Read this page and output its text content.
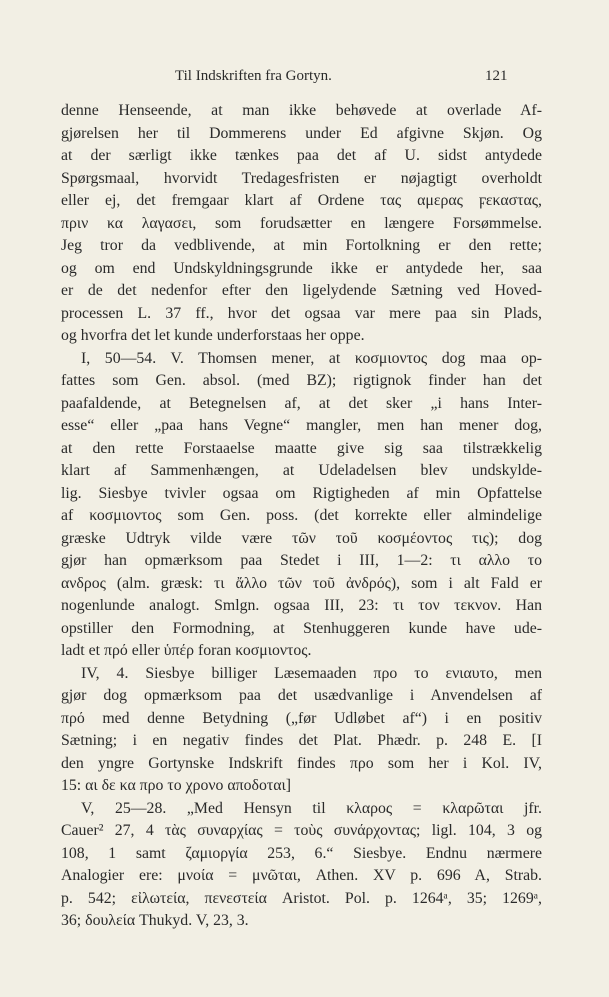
Til Indskriften fra Gortyn.	121
denne Henseende, at man ikke behøvede at overlade Af-
gjørelsen her til Dommerens under Ed afgivne Skjøn. Og
at der særligt ikke tænkes paa det af U. sidst antydede
Spørgsmaal, hvorvidt Tredagesfristen er nøjagtigt overholdt
eller ej, det fremgaar klart af Ordene τας αμερας ϝεκαστας,
πριν κα λαγασει, som forudsætter en længere Forsømmelse.
Jeg tror da vedblivende, at min Fortolkning er den rette;
og om end Undskyldningsgrunde ikke er antydede her, saa
er de det nedenfor efter den ligelydende Sætning ved Hoved-
processen L. 37 ff., hvor det ogsaa var mere paa sin Plads,
og hvorfra det let kunde underforstaas her oppe.
I, 50—54. V. Thomsen mener, at κοσμιοντος dog maa op-
fattes som Gen. absol. (med BZ); rigtignok finder han det
paafaldende, at Betegnelsen af, at det sker „i hans Inter-
esse“ eller „paa hans Vegne“ mangler, men han mener dog,
at den rette Forstaaelse maatte give sig saa tilstrækkelig
klart af Sammenhængen, at Udeladelsen blev undskylde-
lig. Siesbye tvivler ogsaa om Rigtigheden af min Opfattelse
af κοσμιοντος som Gen. poss. (det korrekte eller almindelige
græske Udtryk vilde være τῶν τοῦ κοσμέοντος τις); dog
gjør han opmærksom paa Stedet i III, 1—2: τι αλλο το
ανδρος (alm. græsk: τι ἄλλο τῶν τοῦ ἀνδρός), som i alt Fald er
nogenlunde analogt. Smlgn. ogsaa III, 23: τι τον τεκνον. Han
opstiller den Formodning, at Stenhuggeren kunde have ude-
ladt et πρό eller ὑπέρ foran κοσμιοντος.
IV, 4. Siesbye billiger Læsemaaden προ το ενιαυτο, men
gjør dog opmærksom paa det usædvanlige i Anvendelsen af
πρό med denne Betydning („før Udløbet af“) i en positiv
Sætning; i en negativ findes det Plat. Phædr. p. 248 E. [I
den yngre Gortynske Indskrift findes προ som her i Kol. IV,
15: αι δε κα προ το χρονο αποδοται]
V, 25—28. „Med Hensyn til κλαρος = κλαρῶται jfr.
Cauer² 27, 4 τὰς συναρχίας = τοὺς συνάρχοντας; ligl. 104, 3 og
108, 1 samt ζαμιοργία 253, 6.“ Siesbye. Endnu nærmere
Analogier ere: μνοία = μνῶται, Athen. XV p. 696 A, Strab.
p. 542; εἰλωτεία, πενεστεία Aristot. Pol. p. 1264ᵃ, 35; 1269ᵃ,
36; δουλεία Thukyd. V, 23, 3.
